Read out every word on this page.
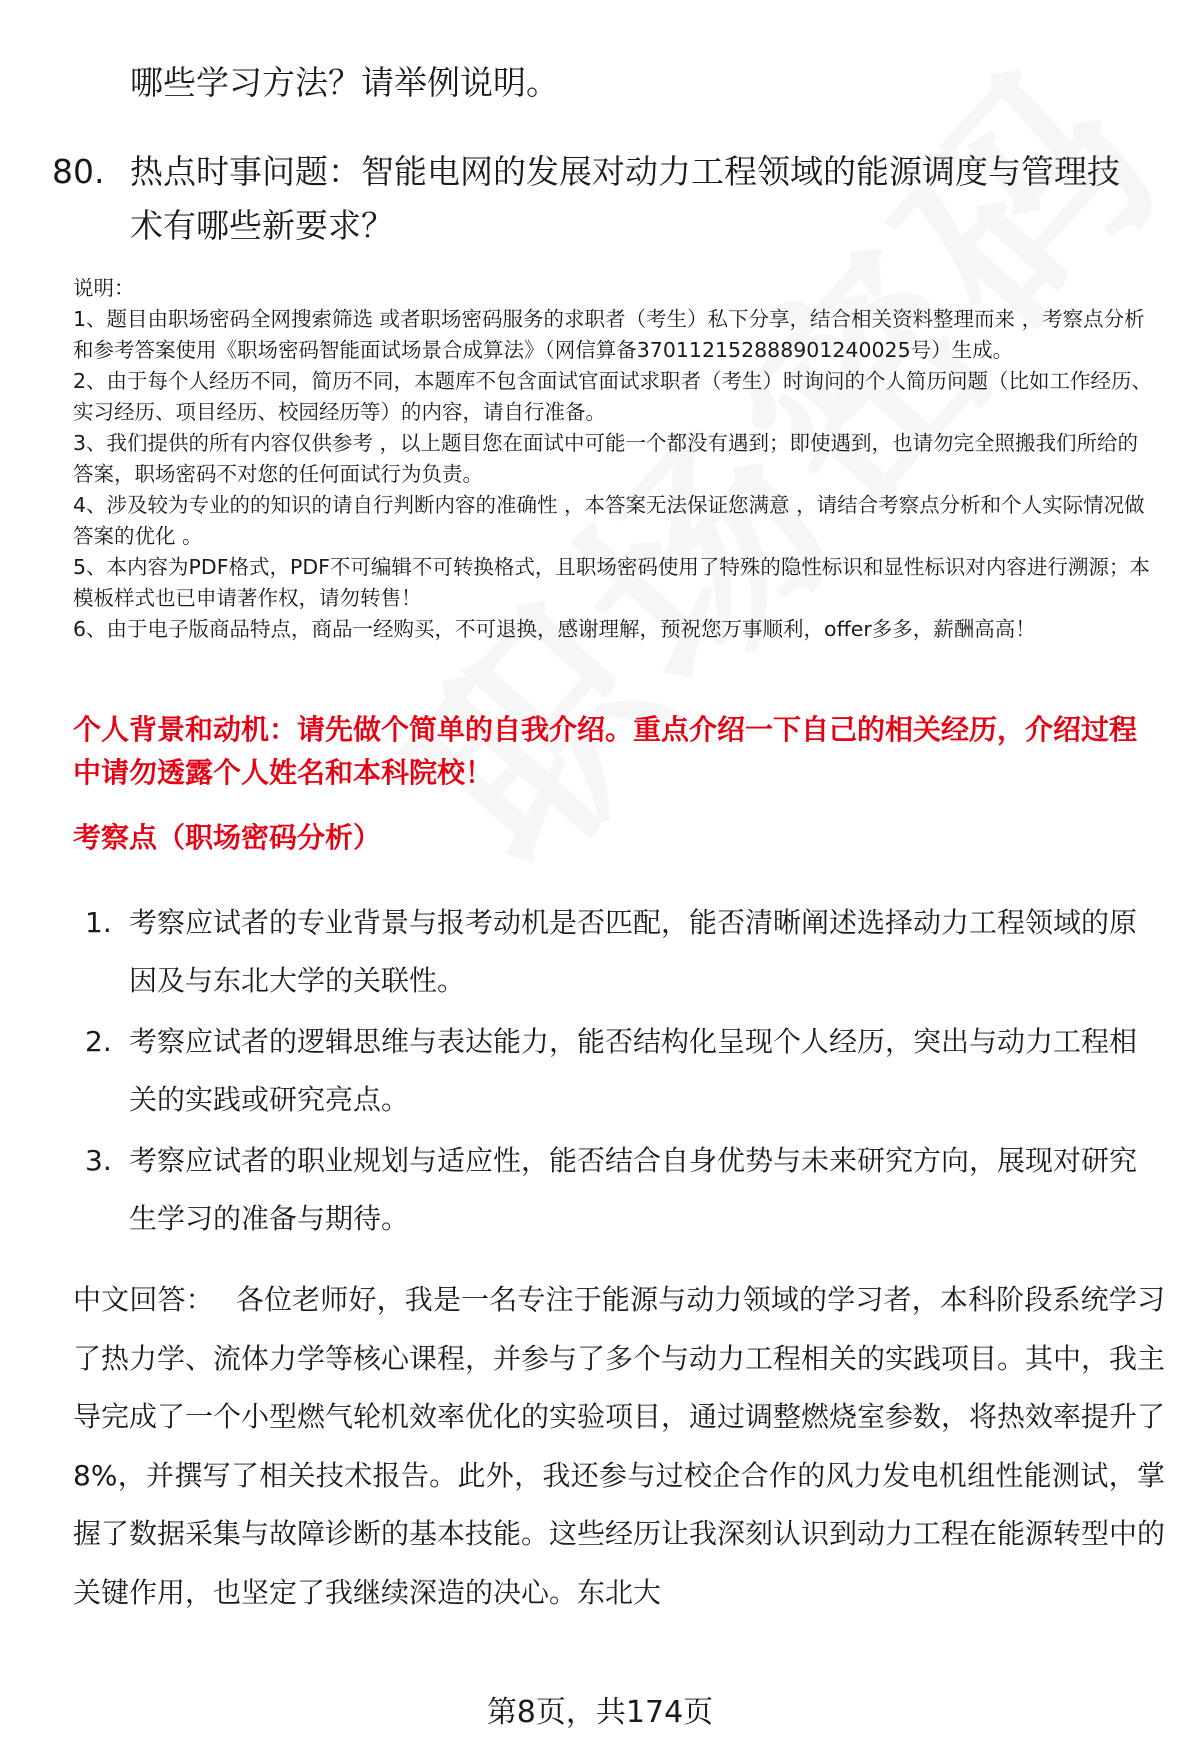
哪些学习方法？请举例说明。
80. 热点时事问题：智能电网的发展对动力工程领域的能源调度与管理技术有哪些新要求？

说明：

1、题目由职场密码全网搜索筛选 或者职场密码服务的求职者（考生）私下分享，结合相关资料整理而来 ，考察点分析和参考答案使用《职场密码智能面试场景合成算法》（网信算备370112152888901240025号）生成。

2、由于每个人经历不同，简历不同，本题库不包含面试官面试求职者（考生）时询问的个人简历问题（比如工作经历、实习经历、项目经历、校园经历等）的内容，请自行准备。

3、我们提供的所有内容仅供参考 ，以上题目您在面试中可能一个都没有遇到；即使遇到，也请勿完全照搬我们所给的答案，职场密码不对您的任何面试行为负责。

4、涉及较为专业的的知识的请自行判断内容的准确性 ，本答案无法保证您满意 ，请结合考察点分析和个人实际情况做答案的优化 。

5、本内容为PDF格式，PDF不可编辑不可转换格式，且职场密码使用了特殊的隐性标识和显性标识对内容进行溯源；本模板样式也已申请著作权，请勿转售！

6、由于电子版商品特点，商品一经购买，不可退换，感谢理解，预祝您万事顺利，offer多多，薪酬高高！

个人背景和动机：请先做个简单的自我介绍。重点介绍一下自己的相关经历，介绍过程中请勿透露个人姓名和本科院校！
考察点（职场密码分析）
1. 考察应试者的专业背景与报考动机是否匹配，能否清晰阐述选择动力工程领域的原因及与东北大学的关联性。
2. 考察应试者的逻辑思维与表达能力，能否结构化呈现个人经历，突出与动力工程相关的实践或研究亮点。
3. 考察应试者的职业规划与适应性，能否结合自身优势与未来研究方向，展现对研究生学习的准备与期待。
中文回答： 各位老师好，我是一名专注于能源与动力领域的学习者，本科阶段系统学习了热力学、流体力学等核心课程，并参与了多个与动力工程相关的实践项目。其中，我主导完成了一个小型燃气轮机效率优化的实验项目，通过调整燃烧室参数，将热效率提升了8%，并撰写了相关技术报告。此外，我还参与过校企合作的风力发电机组性能测试，掌握了数据采集与故障诊断的基本技能。这些经历让我深刻认识到动力工程在能源转型中的关键作用，也坚定了我继续深造的决心。东北大
第8页，共174页
